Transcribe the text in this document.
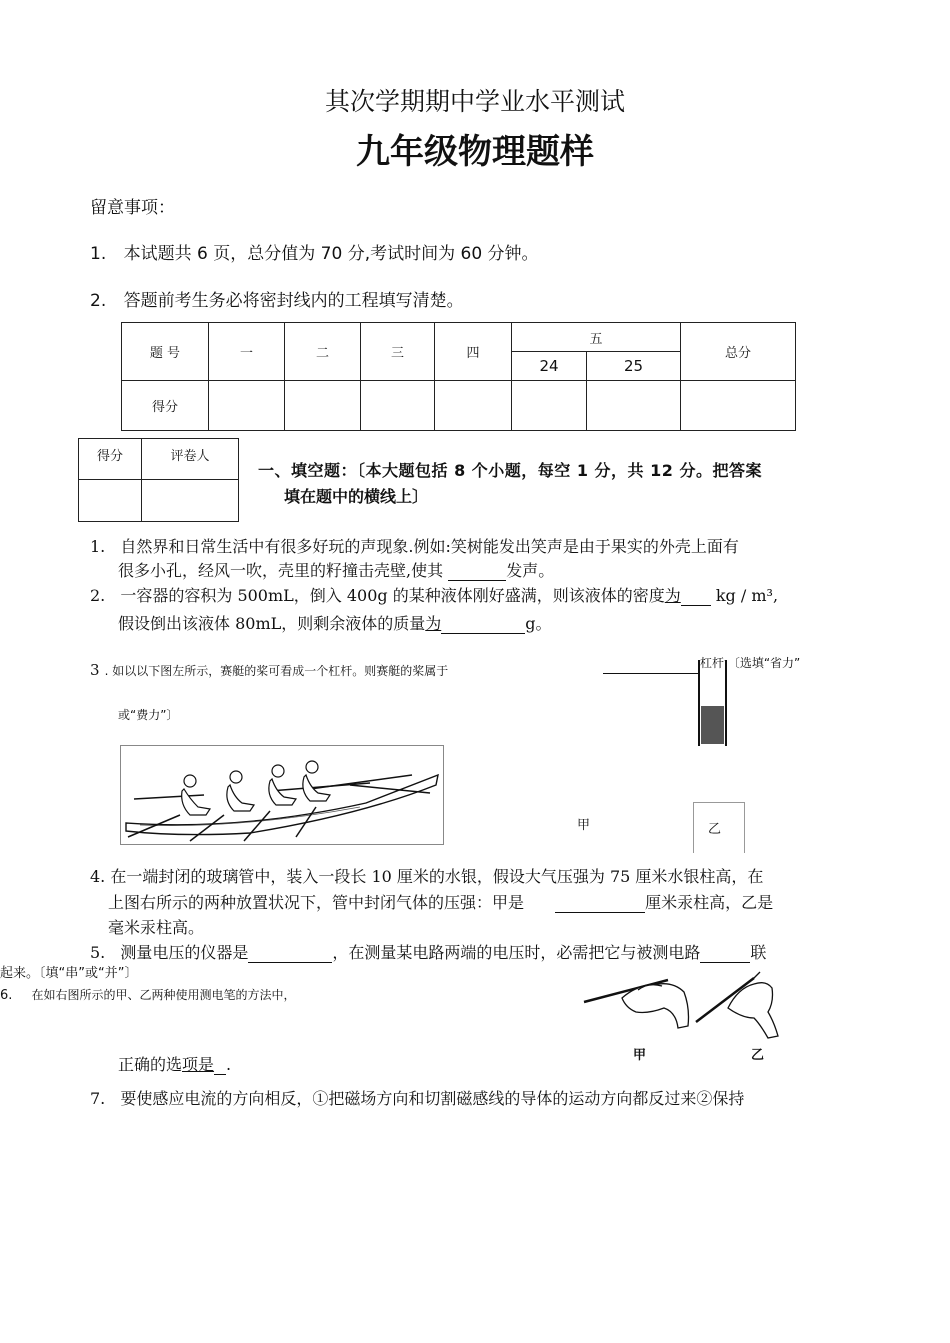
其次学期期中学业水平测试
九年级物理题样
留意事项：
1. 本试题共 6 页，总分值为 70 分,考试时间为 60 分钟。
2. 答题前考生务必将密封线内的工程填写清楚。
题 号	一	二	三	四	五		总分
					24	25	
得分							
得分	评卷人

一、填空题：〔本大题包括 8 个小题，每空 1 分，共 12 分。把答案
填在题中的横线上〕
1. 自然界和日常生活中有很多好玩的声现象.例如:笑树能发出笑声是由于果实的外壳上面有
很多小孔，经风一吹，壳里的籽撞击壳壁,使其	发声。
2. 一容器的容积为 500mL，倒入 400g 的某种液体刚好盛满，则该液体的密度为 kg / m³,
假设倒出该液体 80mL，则剩余液体的质量为	g。
3 . 如以以下图左所示，赛艇的桨可看成一个杠杆。则赛艇的桨属于
杠杆 〔选填“省力”
或“费力”〕
甲	乙
4. 在一端封闭的玻璃管中，装入一段长 10 厘米的水银，假设大气压强为 75 厘米水银柱高，在
上图右所示的两种放置状况下，管中封闭气体的压强：甲是	厘米汞柱高，乙是
毫米汞柱高。
5. 测量电压的仪器是	，在测量某电路两端的电压时，必需把它与被测电路	联
起来。〔填“串”或“并”〕
6. 在如右图所示的甲、乙两种使用测电笔的方法中，
甲	乙
正确的选项是 .
7. 要使感应电流的方向相反，①把磁场方向和切割磁感线的导体的运动方向都反过来②保持
